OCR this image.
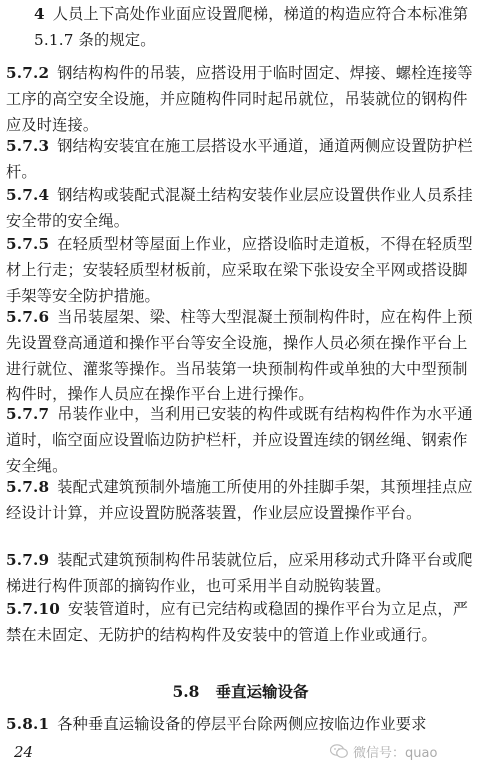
4 人员上下高处作业面应设置爬梯，梯道的构造应符合本标准第 5.1.7 条的规定。
5.7.2 钢结构构件的吊装，应搭设用于临时固定、焊接、螺栓连接等工序的高空安全设施，并应随构件同时起吊就位，吊装就位的钢构件应及时连接。
5.7.3 钢结构安装宜在施工层搭设水平通道，通道两侧应设置防护栏杆。
5.7.4 钢结构或装配式混凝土结构安装作业层应设置供作业人员系挂安全带的安全绳。
5.7.5 在轻质型材等屋面上作业，应搭设临时走道板，不得在轻质型材上行走；安装轻质型材板前，应采取在梁下张设安全平网或搭设脚手架等安全防护措施。
5.7.6 当吊装屋架、梁、柱等大型混凝土预制构件时，应在构件上预先设置登高通道和操作平台等安全设施，操作人员必须在操作平台上进行就位、灌浆等操作。当吊装第一块预制构件或单独的大中型预制构件时，操作人员应在操作平台上进行操作。
5.7.7 吊装作业中，当利用已安装的构件或既有结构构件作为水平通道时，临空面应设置临边防护栏杆，并应设置连续的钢丝绳、钢索作安全绳。
5.7.8 装配式建筑预制外墙施工所使用的外挂脚手架，其预埋挂点应经设计计算，并应设置防脱落装置，作业层应设置操作平台。
5.7.9 装配式建筑预制构件吊装就位后，应采用移动式升降平台或爬梯进行构件顶部的摘钩作业，也可采用半自动脱钩装置。
5.7.10 安装管道时，应有已完结构或稳固的操作平台为立足点，严禁在未固定、无防护的结构构件及安装中的管道上作业或通行。
5.8 垂直运输设备
5.8.1 各种垂直运输设备的停层平台除两侧应按临边作业要求
24	微信号：quao
